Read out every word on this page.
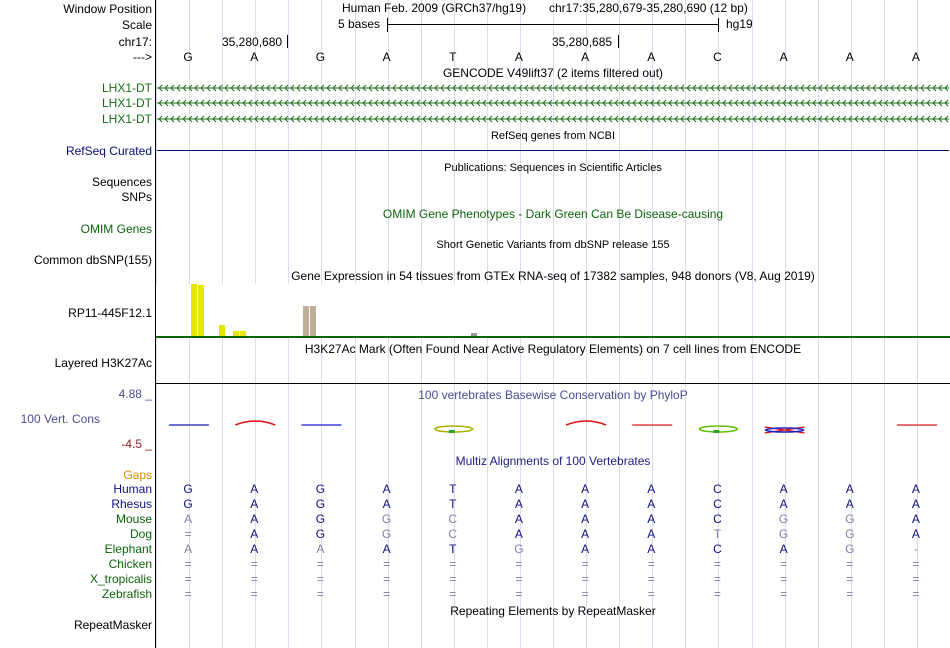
Window Position
Scale
chr17:
--->
Human Feb. 2009 (GRCh37/hg19) chr17:35,280,679-35,280,690 (12 bp)
5 bases	hg19
35,280,680	35,280,685
G	A	G	A	T	A	A	A	C	A	A	A
GENCODE V49lift37 (2 items filtered out)
LHX1-DT
LHX1-DT
LHX1-DT
RefSeq genes from NCBI
RefSeq Curated
Publications: Sequences in Scientific Articles
Sequences
SNPs
OMIM Gene Phenotypes - Dark Green Can Be Disease-causing
OMIM Genes
Short Genetic Variants from dbSNP release 155
Common dbSNP(155)
Gene Expression in 54 tissues from GTEx RNA-seq of 17382 samples, 948 donors (V8, Aug 2019)
RP11-445F12.1
H3K27Ac Mark (Often Found Near Active Regulatory Elements) on 7 cell lines from ENCODE
Layered H3K27Ac
100 vertebrates Basewise Conservation by PhyloP
4.88 _
100 Vert. Cons
-4.5 _
Multiz Alignments of 100 Vertebrates
Gaps
Human	G	A	G	A	T	A	A	A	C	A	A	A
Rhesus	G	A	G	A	T	A	A	A	C	A	A	A
Mouse	A	A	G	G	C	A	A	A	C	G	G	A
Dog	=	A	G	G	C	A	A	A	T	G	G	A
Elephant	A	A	A	A	T	G	A	A	C	A	G	-
Chicken	=	=	=	=	=	=	=	=	=	=	=	=
X_tropicalis	=	=	=	=	=	=	=	=	=	=	=	=
Zebrafish	=	=	=	=	=	=	=	=	=	=	=	=
Repeating Elements by RepeatMasker
RepeatMasker
